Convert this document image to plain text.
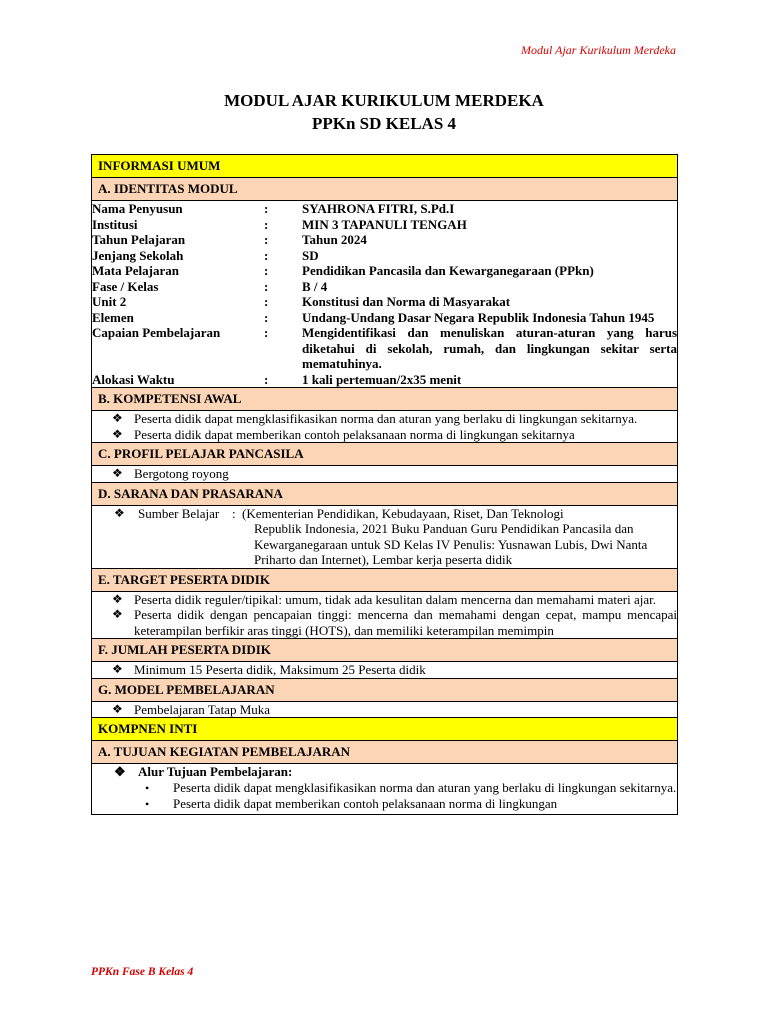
Modul Ajar Kurikulum Merdeka
MODUL AJAR KURIKULUM MERDEKA
PPKn SD KELAS 4
INFORMASI UMUM
A. IDENTITAS MODUL

Nama Penyusun	:	SYAHRONA FITRI, S.Pd.I
Institusi	:	MIN 3 TAPANULI TENGAH
Tahun Pelajaran	:	Tahun 2024
Jenjang Sekolah	:	SD
Mata Pelajaran	:	Pendidikan Pancasila dan Kewarganegaraan (PPkn)
Fase / Kelas	:	B / 4
Unit 2	:	Konstitusi dan Norma di Masyarakat
Elemen	:	Undang-Undang Dasar Negara Republik Indonesia Tahun 1945
Capaian Pembelajaran	:	Mengidentifikasi dan menuliskan aturan-aturan yang harus diketahui di sekolah, rumah, dan lingkungan sekitar serta mematuhinya.
Alokasi Waktu	:	1 kali pertemuan/2x35 menit

B. KOMPETENSI AWAL

❖ Peserta didik dapat mengklasifikasikan norma dan aturan yang berlaku di lingkungan sekitarnya.
❖ Peserta didik dapat memberikan contoh pelaksanaan norma di lingkungan sekitarnya

C. PROFIL PELAJAR PANCASILA

❖ Bergotong royong

D. SARANA DAN PRASARANA

❖	Sumber Belajar : (Kementerian Pendidikan, Kebudayaan, Riset, Dan Teknologi
Republik Indonesia, 2021 Buku Panduan Guru Pendidikan Pancasila dan Kewarganegaraan untuk SD Kelas IV Penulis: Yusnawan Lubis, Dwi Nanta Priharto dan Internet), Lembar kerja peserta didik

E. TARGET PESERTA DIDIK

❖ Peserta didik reguler/tipikal: umum, tidak ada kesulitan dalam mencerna dan memahami materi ajar.
❖ Peserta didik dengan pencapaian tinggi: mencerna dan memahami dengan cepat, mampu mencapai keterampilan berfikir aras tinggi (HOTS), dan memiliki keterampilan memimpin

F. JUMLAH PESERTA DIDIK

❖ Minimum 15 Peserta didik, Maksimum 25 Peserta didik

G. MODEL PEMBELAJARAN

❖ Pembelajaran Tatap Muka

KOMPNEN INTI
A. TUJUAN KEGIATAN PEMBELAJARAN

❖ Alur Tujuan Pembelajaran:
•	Peserta didik dapat mengklasifikasikan norma dan aturan yang berlaku di lingkungan sekitarnya.
•	Peserta didik dapat memberikan contoh pelaksanaan norma di lingkungan
PPKn Fase B Kelas 4
